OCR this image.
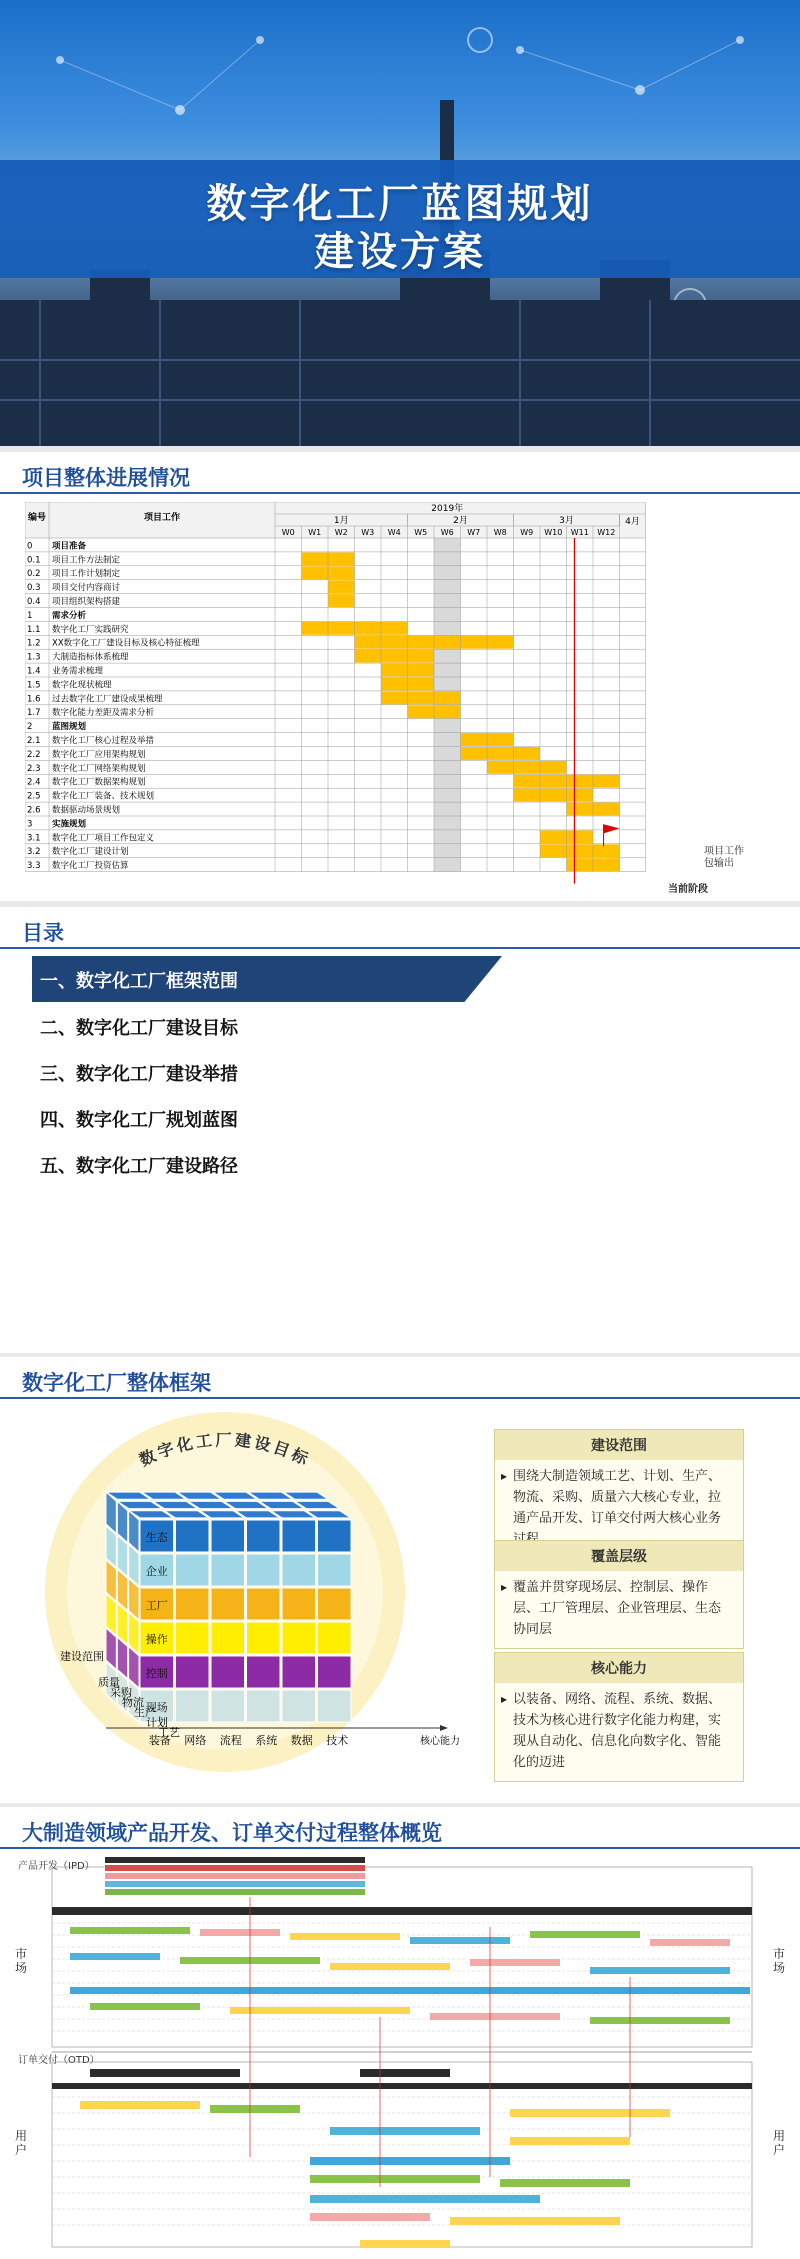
数字化工厂蓝图规划
建设方案
项目整体进展情况
编号	项目工作
2019年
1月	2月	3月	4月
W0 W1 W2 W3 W4 W5 W6 W7 W8 W9 W10 W11 W12
0 项目准备
0.1 项目工作方法制定
0.2 项目工作计划制定
0.3 项目交付内容商讨
0.4 项目组织架构搭建
1 需求分析
1.1 数字化工厂实践研究
1.2 XX数字化工厂建设目标及核心特征梳理
1.3 大制造指标体系梳理
1.4 业务需求梳理
1.5 数字化现状梳理
1.6 过去数字化工厂建设成果梳理
1.7 数字化能力差距及需求分析
2 蓝图规划
2.1 数字化工厂核心过程及举措
2.2 数字化工厂应用架构规划
2.3 数字化工厂网络架构规划
2.4 数字化工厂数据架构规划
2.5 数字化工厂装备、技术规划
2.6 数据驱动场景规划
3 实施规划
3.1 数字化工厂项目工作包定义
3.2 数字化工厂建设计划
3.3 数字化工厂投资估算
项目工作包输出
当前阶段
目录
一、数字化工厂框架范围
二、数字化工厂建设目标
三、数字化工厂建设举措
四、数字化工厂规划蓝图
五、数字化工厂建设路径
数字化工厂整体框架
数字化工厂建设目标
生态
企业
工厂
操作
控制
现场
装备 网络 流程 系统 数据 技术	核心能力
建设范围
质量
采购
物流
生产
计划
工艺
建设范围
▸ 围绕大制造领域工艺、计划、生产、物流、采购、质量六大核心专业，拉通产品开发、订单交付两大核心业务
覆盖层级
▸ 覆盖并贯穿现场层、控制层、操作层、工厂管理层、企业管理层、生态协同层
核心能力
▸ 以装备、网络、流程、系统、数据、技术为核心进行数字化能力构建，实现从自动化、信息化向数字化、智能化的迈进
大制造领域产品开发、订单交付过程整体概览
产品开发（IPD）
订单交付（OTD）
市场
市场
用户
用户
